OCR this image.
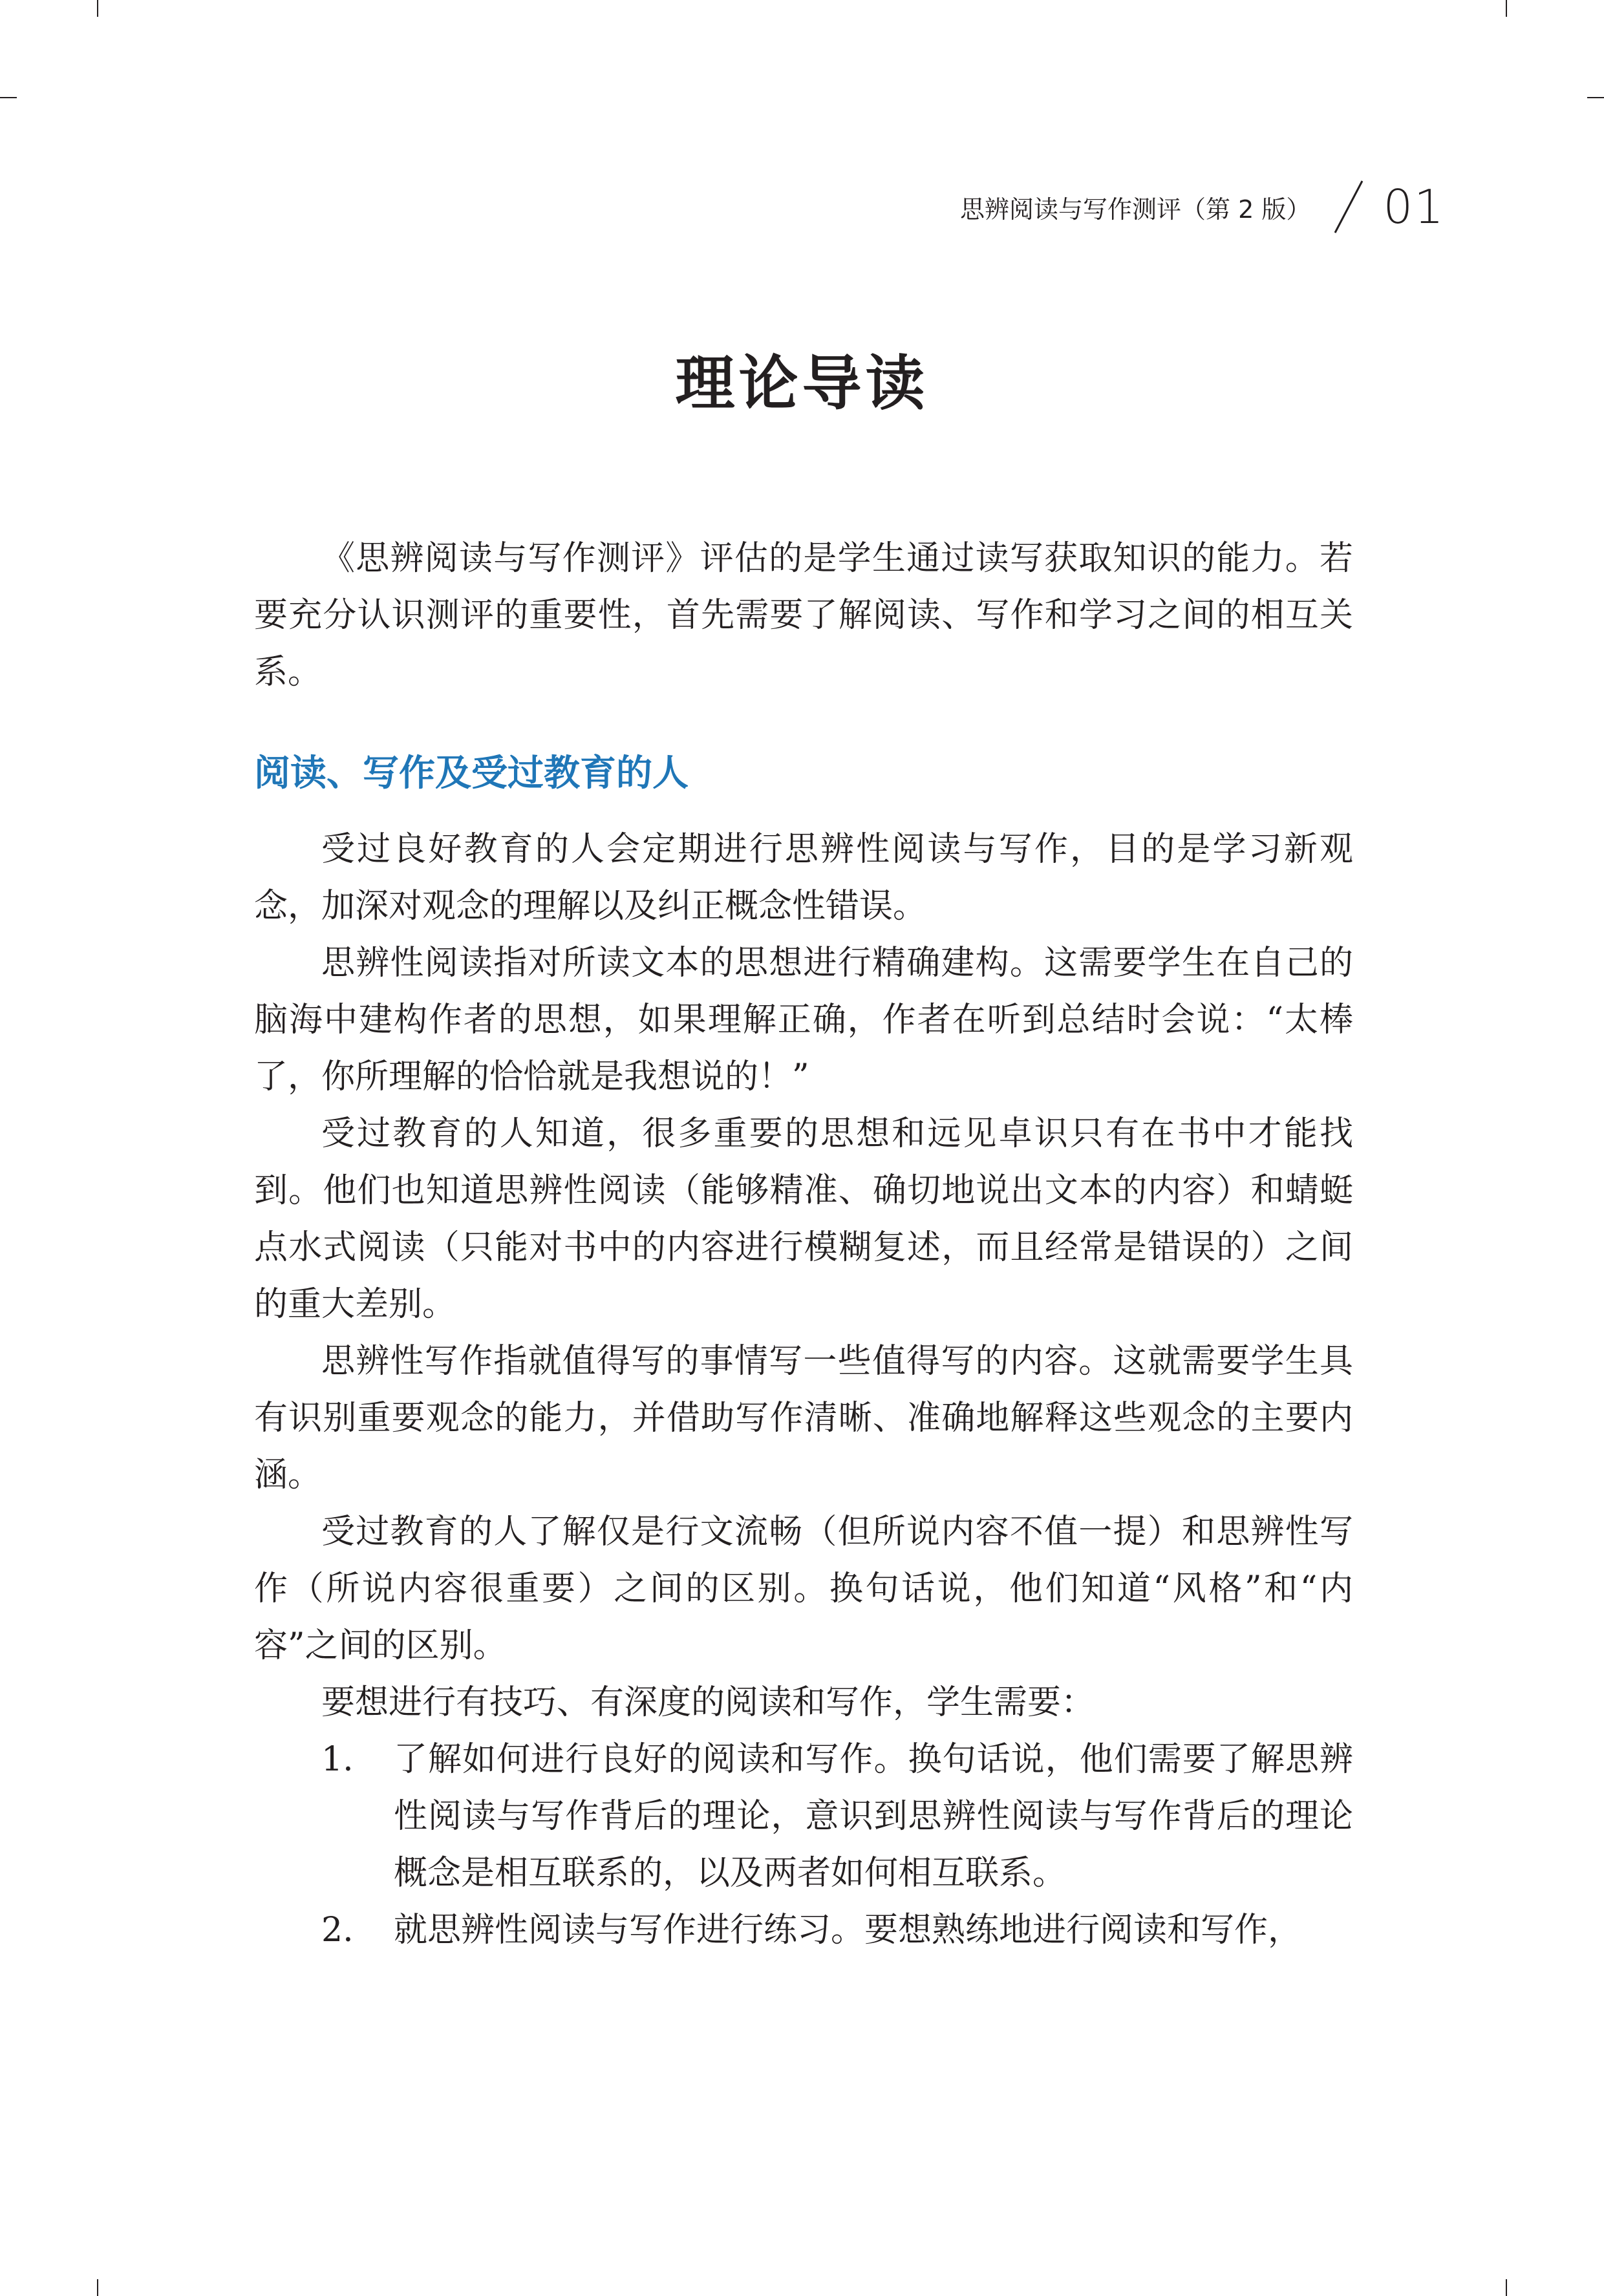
思辨阅读与写作测评（第 2 版） 01
理论导读

《思辨阅读与写作测评》评估的是学生通过读写获取知识的能力。若要充分认识测评的重要性，首先需要了解阅读、写作和学习之间的相互关系。

阅读、写作及受过教育的人

受过良好教育的人会定期进行思辨性阅读与写作，目的是学习新观念，加深对观念的理解以及纠正概念性错误。

思辨性阅读指对所读文本的思想进行精确建构。这需要学生在自己的脑海中建构作者的思想，如果理解正确，作者在听到总结时会说：“太棒了，你所理解的恰恰就是我想说的！”

受过教育的人知道，很多重要的思想和远见卓识只有在书中才能找到。他们也知道思辨性阅读（能够精准、确切地说出文本的内容）和蜻蜓点水式阅读（只能对书中的内容进行模糊复述，而且经常是错误的）之间的重大差别。

思辨性写作指就值得写的事情写一些值得写的内容。这就需要学生具有识别重要观念的能力，并借助写作清晰、准确地解释这些观念的主要内涵。

受过教育的人了解仅是行文流畅（但所说内容不值一提）和思辨性写作（所说内容很重要）之间的区别。换句话说，他们知道“风格”和“内容”之间的区别。

要想进行有技巧、有深度的阅读和写作，学生需要：

1.	了解如何进行良好的阅读和写作。换句话说，他们需要了解思辨性阅读与写作背后的理论，意识到思辨性阅读与写作背后的理论概念是相互联系的，以及两者如何相互联系。
2.	就思辨性阅读与写作进行练习。要想熟练地进行阅读和写作，
